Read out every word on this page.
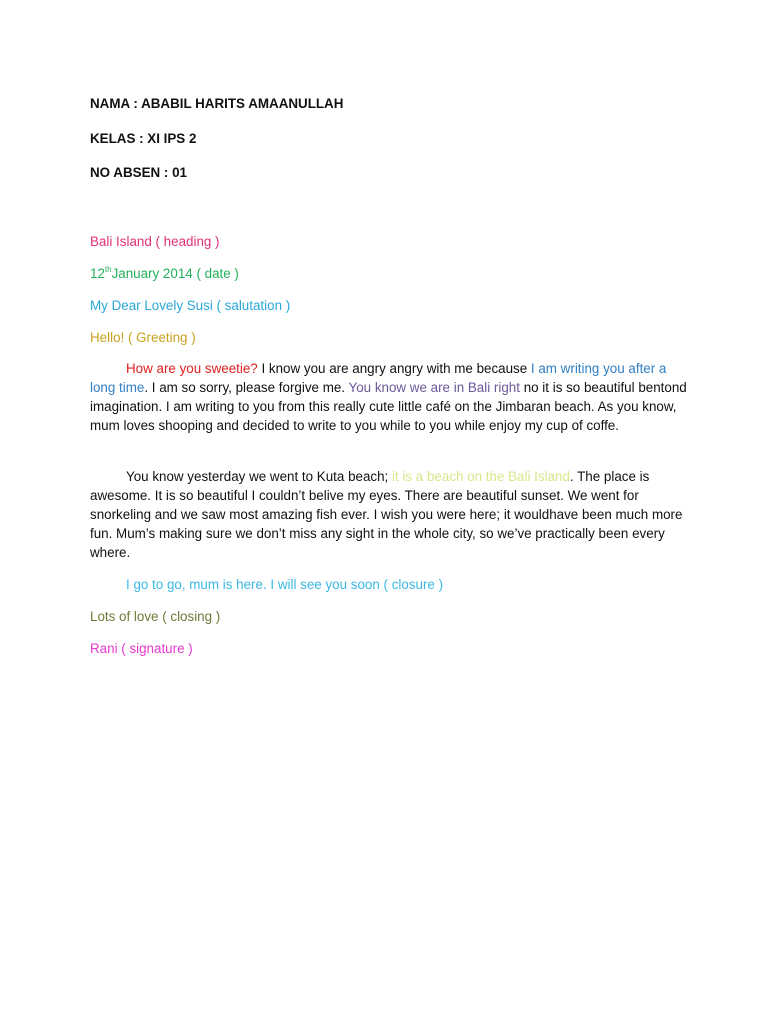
NAMA : ABABIL HARITS AMAANULLAH
KELAS : XI IPS 2
NO ABSEN : 01
Bali Island ( heading )
12thJanuary 2014 ( date )
My Dear Lovely Susi ( salutation )
Hello! ( Greeting )
How are you sweetie? I know you are angry angry with me because I am writing you after a long time. I am so sorry, please forgive me. You know we are in Bali right no it is so beautiful bentond imagination. I am writing to you from this really cute little café on the Jimbaran beach. As you know, mum loves shooping and decided to write to you while to you while enjoy my cup of coffe.
You know yesterday we went to Kuta beach; it is a beach on the Bali Island. The place is awesome. It is so beautiful I couldn’t belive my eyes. There are beautiful sunset. We went for snorkeling and we saw most amazing fish ever. I wish you were here; it wouldhave been much more fun. Mum’s making sure we don’t miss any sight in the whole city, so we’ve practically been every where.
I go to go, mum is here. I will see you soon ( closure )
Lots of love ( closing )
Rani ( signature )
